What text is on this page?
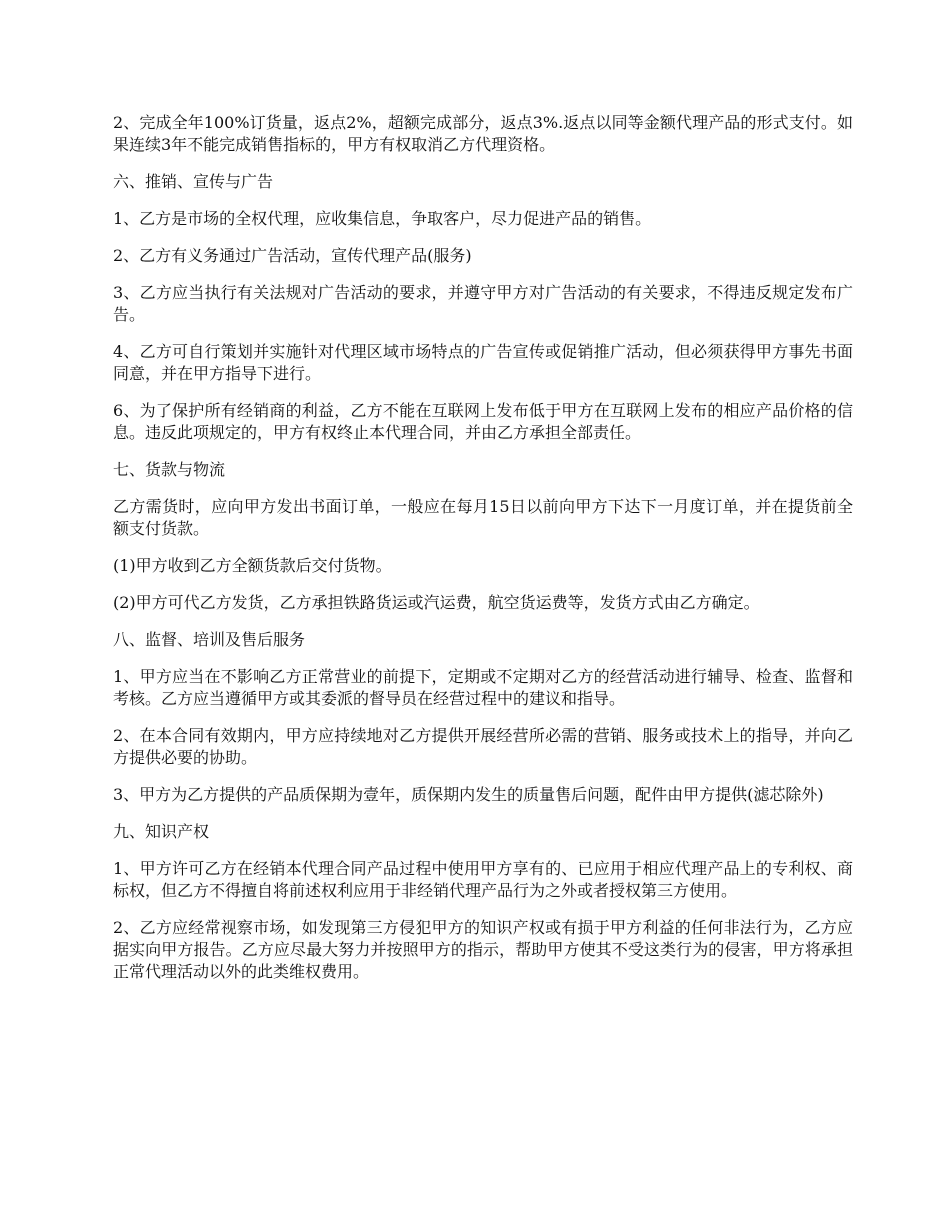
2、完成全年100%订货量，返点2%，超额完成部分，返点3%.返点以同等金额代理产品的形式支付。如果连续3年不能完成销售指标的，甲方有权取消乙方代理资格。

六、推销、宣传与广告

1、乙方是市场的全权代理，应收集信息，争取客户，尽力促进产品的销售。

2、乙方有义务通过广告活动，宣传代理产品(服务)

3、乙方应当执行有关法规对广告活动的要求，并遵守甲方对广告活动的有关要求，不得违反规定发布广告。

4、乙方可自行策划并实施针对代理区域市场特点的广告宣传或促销推广活动，但必须获得甲方事先书面同意，并在甲方指导下进行。

6、为了保护所有经销商的利益，乙方不能在互联网上发布低于甲方在互联网上发布的相应产品价格的信息。违反此项规定的，甲方有权终止本代理合同，并由乙方承担全部责任。

七、货款与物流

乙方需货时，应向甲方发出书面订单，一般应在每月15日以前向甲方下达下一月度订单，并在提货前全额支付货款。

(1)甲方收到乙方全额货款后交付货物。

(2)甲方可代乙方发货，乙方承担铁路货运或汽运费，航空货运费等，发货方式由乙方确定。

八、监督、培训及售后服务

1、甲方应当在不影响乙方正常营业的前提下，定期或不定期对乙方的经营活动进行辅导、检查、监督和考核。乙方应当遵循甲方或其委派的督导员在经营过程中的建议和指导。

2、在本合同有效期内，甲方应持续地对乙方提供开展经营所必需的营销、服务或技术上的指导，并向乙方提供必要的协助。

3、甲方为乙方提供的产品质保期为壹年，质保期内发生的质量售后问题，配件由甲方提供(滤芯除外)

九、知识产权

1、甲方许可乙方在经销本代理合同产品过程中使用甲方享有的、已应用于相应代理产品上的专利权、商标权，但乙方不得擅自将前述权利应用于非经销代理产品行为之外或者授权第三方使用。

2、乙方应经常视察市场，如发现第三方侵犯甲方的知识产权或有损于甲方利益的任何非法行为，乙方应据实向甲方报告。乙方应尽最大努力并按照甲方的指示，帮助甲方使其不受这类行为的侵害，甲方将承担正常代理活动以外的此类维权费用。
